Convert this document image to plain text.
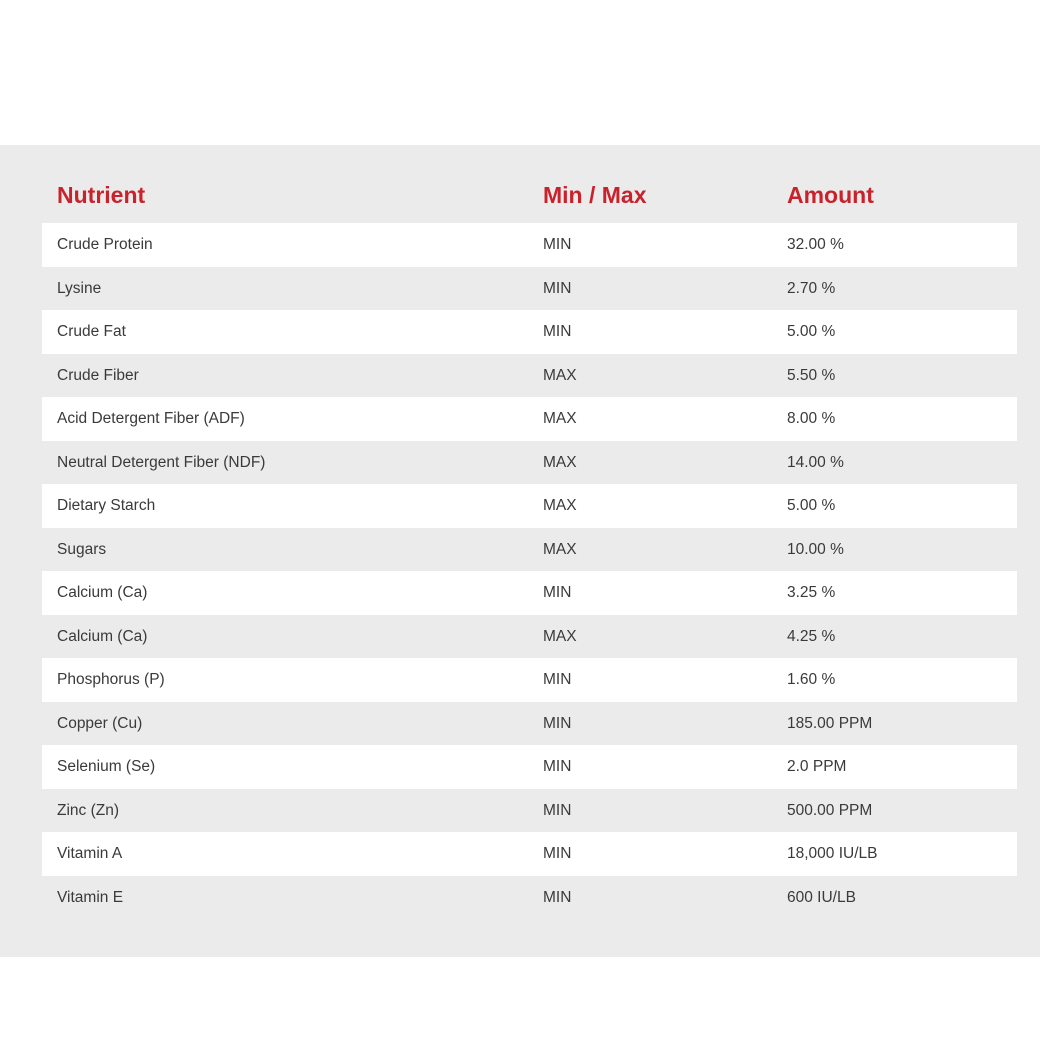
Nutrient	Min / Max	Amount
Crude Protein	MIN	32.00 %
Lysine	MIN	2.70 %
Crude Fat	MIN	5.00 %
Crude Fiber	MAX	5.50 %
Acid Detergent Fiber (ADF)	MAX	8.00 %
Neutral Detergent Fiber (NDF)	MAX	14.00 %
Dietary Starch	MAX	5.00 %
Sugars	MAX	10.00 %
Calcium (Ca)	MIN	3.25 %
Calcium (Ca)	MAX	4.25 %
Phosphorus (P)	MIN	1.60 %
Copper (Cu)	MIN	185.00 PPM
Selenium (Se)	MIN	2.0 PPM
Zinc (Zn)	MIN	500.00 PPM
Vitamin A	MIN	18,000 IU/LB
Vitamin E	MIN	600 IU/LB
